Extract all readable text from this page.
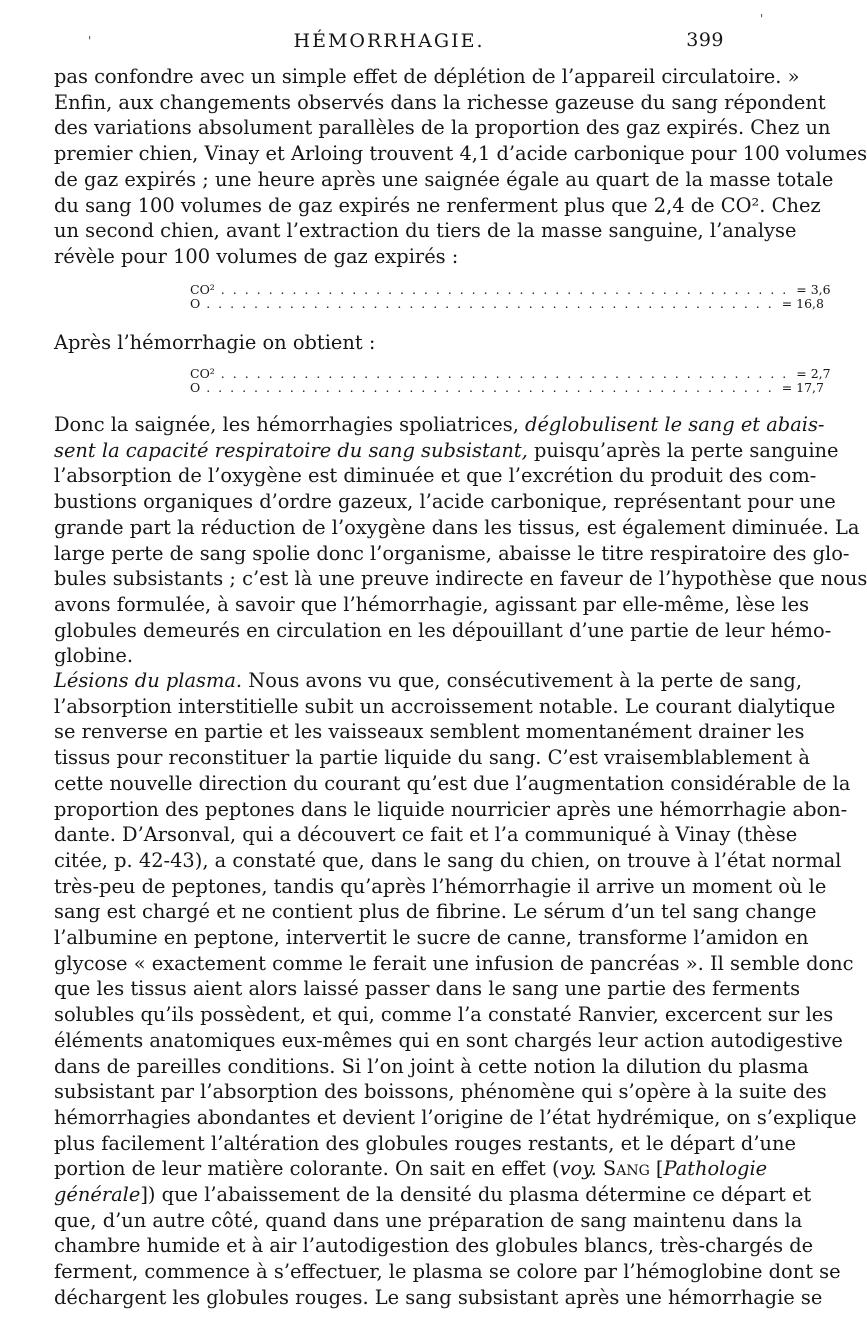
'	HÉMORRHAGIE.	399
'
pas confondre avec un simple effet de déplétion de l’appareil circulatoire. »
Enfin, aux changements observés dans la richesse gazeuse du sang répondent
des variations absolument parallèles de la proportion des gaz expirés. Chez un
premier chien, Vinay et Arloing trouvent 4,1 d’acide carbonique pour 100 volumes
de gaz expirés ; une heure après une saignée égale au quart de la masse totale
du sang 100 volumes de gaz expirés ne renferment plus que 2,4 de CO². Chez
un second chien, avant l’extraction du tiers de la masse sanguine, l’analyse
révèle pour 100 volumes de gaz expirés :
CO² . . .	= 3,6
O . . .	= 16,8
Après l’hémorrhagie on obtient :
CO² . . .	= 2,7
O . . .	= 17,7
Donc la saignée, les hémorrhagies spoliatrices, déglobulisent le sang et abais-
sent la capacité respiratoire du sang subsistant, puisqu’après la perte sanguine
l’absorption de l’oxygène est diminuée et que l’excrétion du produit des com-
bustions organiques d’ordre gazeux, l’acide carbonique, représentant pour une
grande part la réduction de l’oxygène dans les tissus, est également diminuée. La
large perte de sang spolie donc l’organisme, abaisse le titre respiratoire des glo-
bules subsistants ; c’est là une preuve indirecte en faveur de l’hypothèse que nous
avons formulée, à savoir que l’hémorrhagie, agissant par elle-même, lèse les
globules demeurés en circulation en les dépouillant d’une partie de leur hémo-
globine.
Lésions du plasma. Nous avons vu que, consécutivement à la perte de sang,
l’absorption interstitielle subit un accroissement notable. Le courant dialytique
se renverse en partie et les vaisseaux semblent momentanément drainer les
tissus pour reconstituer la partie liquide du sang. C’est vraisemblablement à
cette nouvelle direction du courant qu’est due l’augmentation considérable de la
proportion des peptones dans le liquide nourricier après une hémorrhagie abon-
dante. D’Arsonval, qui a découvert ce fait et l’a communiqué à Vinay (thèse
citée, p. 42-43), a constaté que, dans le sang du chien, on trouve à l’état normal
très-peu de peptones, tandis qu’après l’hémorrhagie il arrive un moment où le
sang est chargé et ne contient plus de fibrine. Le sérum d’un tel sang change
l’albumine en peptone, intervertit le sucre de canne, transforme l’amidon en
glycose « exactement comme le ferait une infusion de pancréas ». Il semble donc
que les tissus aient alors laissé passer dans le sang une partie des ferments
solubles qu’ils possèdent, et qui, comme l’a constaté Ranvier, excercent sur les
éléments anatomiques eux-mêmes qui en sont chargés leur action autodigestive
dans de pareilles conditions. Si l’on joint à cette notion la dilution du plasma
subsistant par l’absorption des boissons, phénomène qui s’opère à la suite des
hémorrhagies abondantes et devient l’origine de l’état hydrémique, on s’explique
plus facilement l’altération des globules rouges restants, et le départ d’une
portion de leur matière colorante. On sait en effet (voy. Sang [Pathologie
générale]) que l’abaissement de la densité du plasma détermine ce départ et
que, d’un autre côté, quand dans une préparation de sang maintenu dans la
chambre humide et à air l’autodigestion des globules blancs, très-chargés de
ferment, commence à s’effectuer, le plasma se colore par l’hémoglobine dont se
déchargent les globules rouges. Le sang subsistant après une hémorrhagie se
